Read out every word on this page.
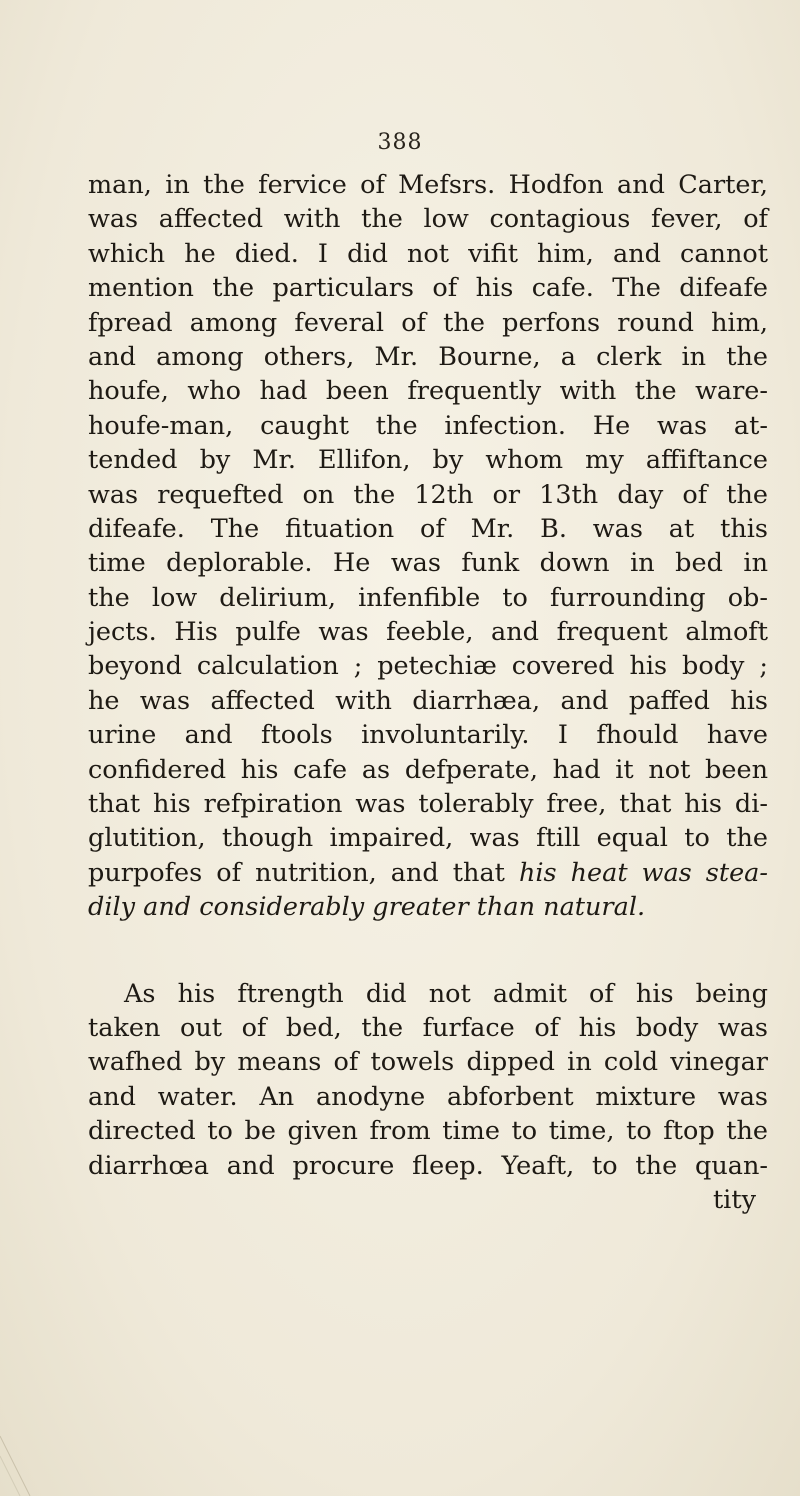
388
man, in the fervice of Mefsrs. Hodfon and Carter,
was affected with the low contagious fever, of
which he died. I did not vifit him, and cannot
mention the particulars of his cafe. The difeafe
fpread among feveral of the perfons round him,
and among others, Mr. Bourne, a clerk in the
houfe, who had been frequently with the ware-
houfe-man, caught the infection. He was at-
tended by Mr. Ellifon, by whom my affiftance
was requefted on the 12th or 13th day of the
difeafe. The fituation of Mr. B. was at this
time deplorable. He was funk down in bed in
the low delirium, infenfible to furrounding ob-
jects. His pulfe was feeble, and frequent almoft
beyond calculation ; petechiæ covered his body ;
he was affected with diarrhæa, and paffed his
urine and ftools involuntarily. I fhould have
confidered his cafe as defperate, had it not been
that his refpiration was tolerably free, that his di-
glutition, though impaired, was ftill equal to the
purpofes of nutrition, and that his heat was stea-
dily and considerably greater than natural.
As his ftrength did not admit of his being
taken out of bed, the furface of his body was
wafhed by means of towels dipped in cold vinegar
and water. An anodyne abforbent mixture was
directed to be given from time to time, to ftop the
diarrhœa and procure fleep. Yeaft, to the quan-
tity
